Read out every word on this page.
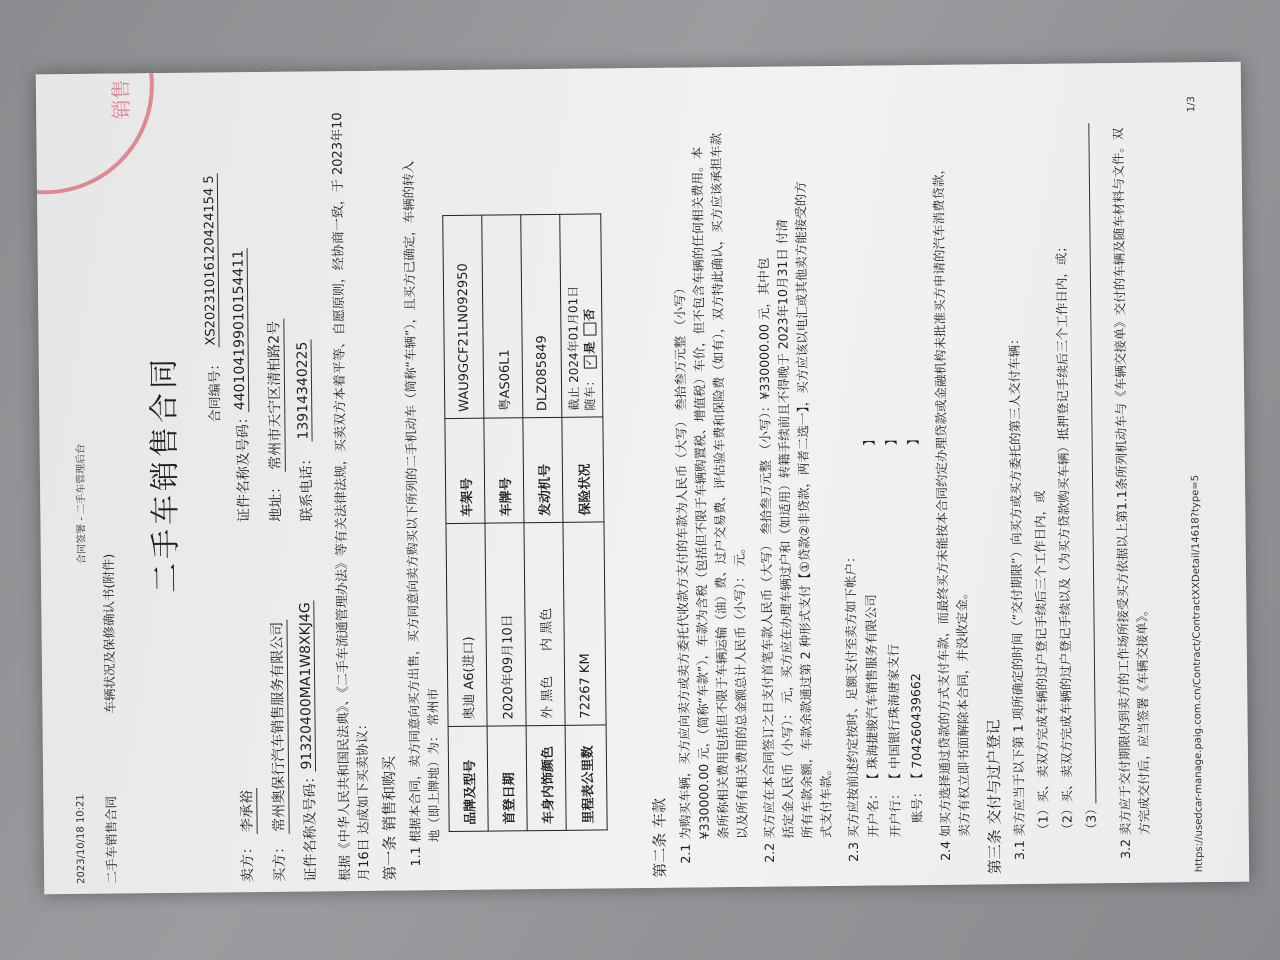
2023/10/18 10:21
合同签署 - 二手车管理后台
二手车销售合同
车辆状况及保修确认书(附件)
二手车销售合同	合同编号：
XS20231016120424154 5
卖方：
李承裕
证件名称及号码：
440104199010154411
买方：
常州奥保行汽车销售服务有限公司
地址：
常州市天宁区清柏路2号
证件名称及号码：
91320400MA1W8XKJ4G
联系电话：
13914340225	根据《中华人民共和国民法典》、《二手车流通管理办法》等有关法律法规，买卖双方本着平等、自愿原则，经协商一致，于 2023年10 月16日 达成如下买卖协议： 第一条 销售和购买 1.1 根据本合同，卖方同意向买方出售，买方同意向卖方购买以下所列的二手机动车（简称“车辆”），且买方已确定，车辆的转入 地（即上牌地）为： 常州市 品牌及型号	奥迪 A6(进口)	车架号	WAU9GCF21LN092950
首登日期	2020年09月10日	车牌号	粤AS06L1
车身内饰颜色	外 黑色      内 黑色	发动机号	DLZ085849
里程表公里数	72267 KM	保险状况	截止 2024年01月01日 随车： ✓是 否
第二条 车款 2.1 为购买车辆，买方应向卖方或卖方委托代收款方支付的车款为人民币（大写） 叁拾叁万元整 （小写）
¥330000.00 元，（简称“车款”），车款为含税（包括但不限于车辆购置税、增值税）车价，但不包含车辆的任何相关费用。本
条所称相关费用包括但不限于车辆运输（油）费、过户交易费、评估验车费和保险费（如有），双方特此确认，买方应该承担车款 以及所有相关费用的总金额总计人民币（小写）： 元。 2.2 买方应在本合同签订之日支付首笔车款人民币（大写） 叁拾叁万元整 （小写）：¥330000.00 元，其中包
括定金人民币（小写）： 元，买方应在办理车辆过户和（如适用）转籍手续前且不得晚于 2023年10月31日 付清
所有车款余额，车款余款通过第 2 种形式支付【①贷款②非贷款，两者二选一】，买方应该以电汇或其他卖方能接受的方 式支付车款。 2.3 买方应按前述约定按时、足额支付至卖方如下帐户： 开户名：
【 珠海捷骏汽车销售服务有限公司
】
开户行：
【 中国银行珠海唐家支行
】
账号：
【 704260439662
】 2.4 如买方选择通过贷款的方式支付车款，而最终买方未能按本合同约定办理贷款或金融机构未批准买方申请的汽车消费贷款， 卖方有权立即书面解除本合同，并没收定金。 第三条 交付与过户登记 3.1 卖方应当于以下第 1 项所确定的时间（“交付期限”）向买方或买方委托的第三人交付车辆： （1）买、卖双方完成车辆的过户登记手续后三个工作日内，或 （2）买、卖双方完成车辆的过户登记手续以及（为买方贷款购买车辆）抵押登记手续后三个工作日内，或； （3） 3.2 卖方应于交付期限内到卖方的工作场所接受买方依据以上第1.1条所列机动车与《车辆交接单》交付的车辆及随车材料与文件。双 方完成交付后，应当签署《车辆交接单》。	https://usedcar-manage.paig.com.cn/Contract/ContractXXDetail/14618?type=5
1/3
销售
